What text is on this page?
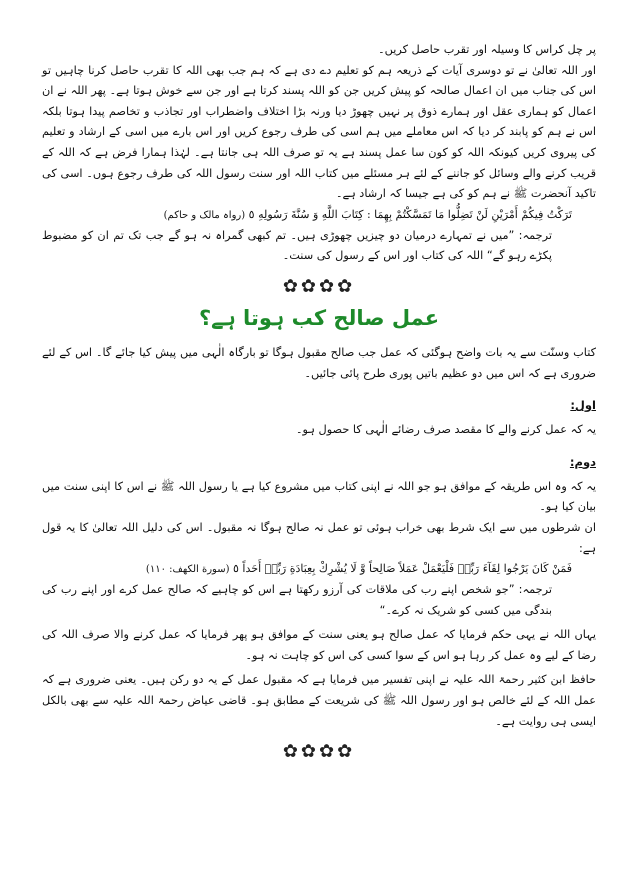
پر چل کراس کا وسیلہ اور تقرب حاصل کریں۔

اور اللہ تعالیٰ نے تو دوسری آیات کے ذریعہ ہم کو تعلیم دے دی ہے کہ ہم جب بھی اللہ کا تقرب حاصل کرنا چاہیں تو اس کی جناب میں ان اعمال صالحہ کو پیش کریں جن کو اللہ پسند کرتا ہے اور جن سے خوش ہوتا ہے۔ پھر اللہ نے ان اعمال کو ہماری عقل اور ہمارے ذوق پر نہیں چھوڑ دیا ورنہ بڑا اختلاف واضطراب اور تجاذب و تخاصم پیدا ہوتا بلکہ اس نے ہم کو پابند کر دیا کہ اس معاملے میں ہم اسی کی طرف رجوع کریں اور اس بارے میں اسی کے ارشاد و تعلیم کی پیروی کریں کیونکہ اللہ کو کون سا عمل پسند ہے یہ تو صرف اللہ ہی جانتا ہے۔ لہٰذا ہمارا فرض ہے کہ اللہ کے قریب کرنے والے وسائل کو جاننے کے لئے ہر مسئلے میں کتاب اللہ اور سنت رسول اللہ کی طرف رجوع ہوں۔ اسی کی تاکید آنحضرت ﷺ نے ہم کو کی ہے جیسا کہ ارشاد ہے۔

تَرَكْتُ فِيكُمْ أَمْرَيْنِ لَنْ تَضِلُّوا مَا تَمَسَّكْتُمْ بِهِمَا : كِتَابَ اللَّهِ وَ سُنَّةَ رَسُولِهِ ٥ (رواہ مالک و حاکم)

ترجمہ: ”میں نے تمہارے درمیان دو چیزیں چھوڑی ہیں۔ تم کبھی گمراہ نہ ہو گے جب تک تم ان کو مضبوط پکڑے رہو گے“ اللہ کی کتاب اور اس کے رسول کی سنت۔

✿✿✿✿
عمل صالح کب ہوتا ہے؟

کتاب وسنّت سے یہ بات واضح ہوگئی کہ عمل جب صالح مقبول ہوگا تو بارگاہ الٰہی میں پیش کیا جائے گا۔ اس کے لئے ضروری ہے کہ اس میں دو عظیم باتیں پوری طرح پائی جائیں۔

اول:

یہ کہ عمل کرنے والے کا مقصد صرف رضائے الٰہی کا حصول ہو۔

دوم:

یہ کہ وہ اس طریقہ کے موافق ہو جو اللہ نے اپنی کتاب میں مشروع کیا ہے یا رسول اللہ ﷺ نے اس کا اپنی سنت میں بیان کیا ہو۔

ان شرطوں میں سے ایک شرط بھی خراب ہوئی تو عمل نہ صالح ہوگا نہ مقبول۔ اس کی دلیل اللہ تعالیٰ کا یہ قول ہے:

فَمَنْ كَانَ يَرْجُوا لِقَآءَ رَبِّهٖ فَلْيَعْمَلْ عَمَلاً صَالِحاً وَّ لَا يُشْرِكْ بِعِبَادَةِ رَبِّهٖ أَحَداً ٥ (سورة الكهف: ١١٠)

ترجمہ: ”جو شخص اپنے رب کی ملاقات کی آرزو رکھتا ہے اس کو چاہیے کہ صالح عمل کرے اور اپنے رب کی بندگی میں کسی کو شریک نہ کرے۔“

یہاں اللہ نے یہی حکم فرمایا کہ عمل صالح ہو یعنی سنت کے موافق ہو پھر فرمایا کہ عمل کرنے والا صرف اللہ کی رضا کے لیے وہ عمل کر رہا ہو اس کے سوا کسی کی اس کو چاہت نہ ہو۔

حافظ ابن کثیر رحمۃ اللہ علیہ نے اپنی تفسیر میں فرمایا ہے کہ مقبول عمل کے یہ دو رکن ہیں۔ یعنی ضروری ہے کہ عمل اللہ کے لئے خالص ہو اور رسول اللہ ﷺ کی شریعت کے مطابق ہو۔ قاضی عیاض رحمۃ اللہ علیہ سے بھی بالکل ایسی ہی روایت ہے۔

✿✿✿✿
